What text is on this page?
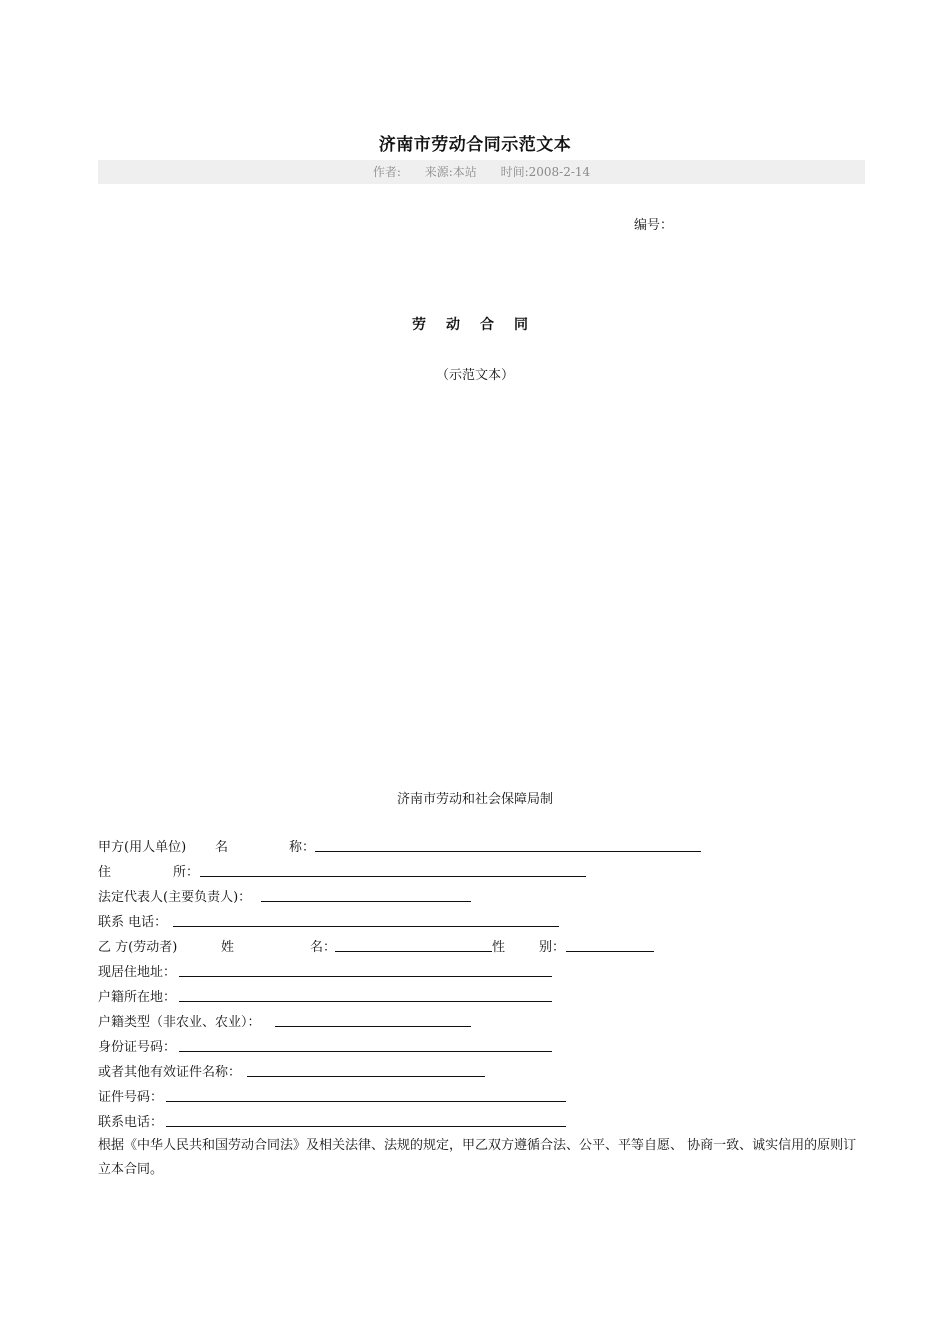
济南市劳动合同示范文本
作者: 来源:本站 时间:2008-2-14
编号：
劳动合同
（示范文本）
济南市劳动和社会保障局制
甲方(用人单位) 名	称：
住	所：
法定代表人(主要负责人)：
联系 电话：
乙 方(劳动者)	姓	名：	性	别：
现居住地址：
户籍所在地：
户籍类型（非农业、农业）：
身份证号码：
或者其他有效证件名称：
证件号码：
联系电话：
根据《中华人民共和国劳动合同法》及相关法律、法规的规定，甲乙双方遵循合法、公平、平等自愿、 协商一致、诚实信用的原则订立本合同。
